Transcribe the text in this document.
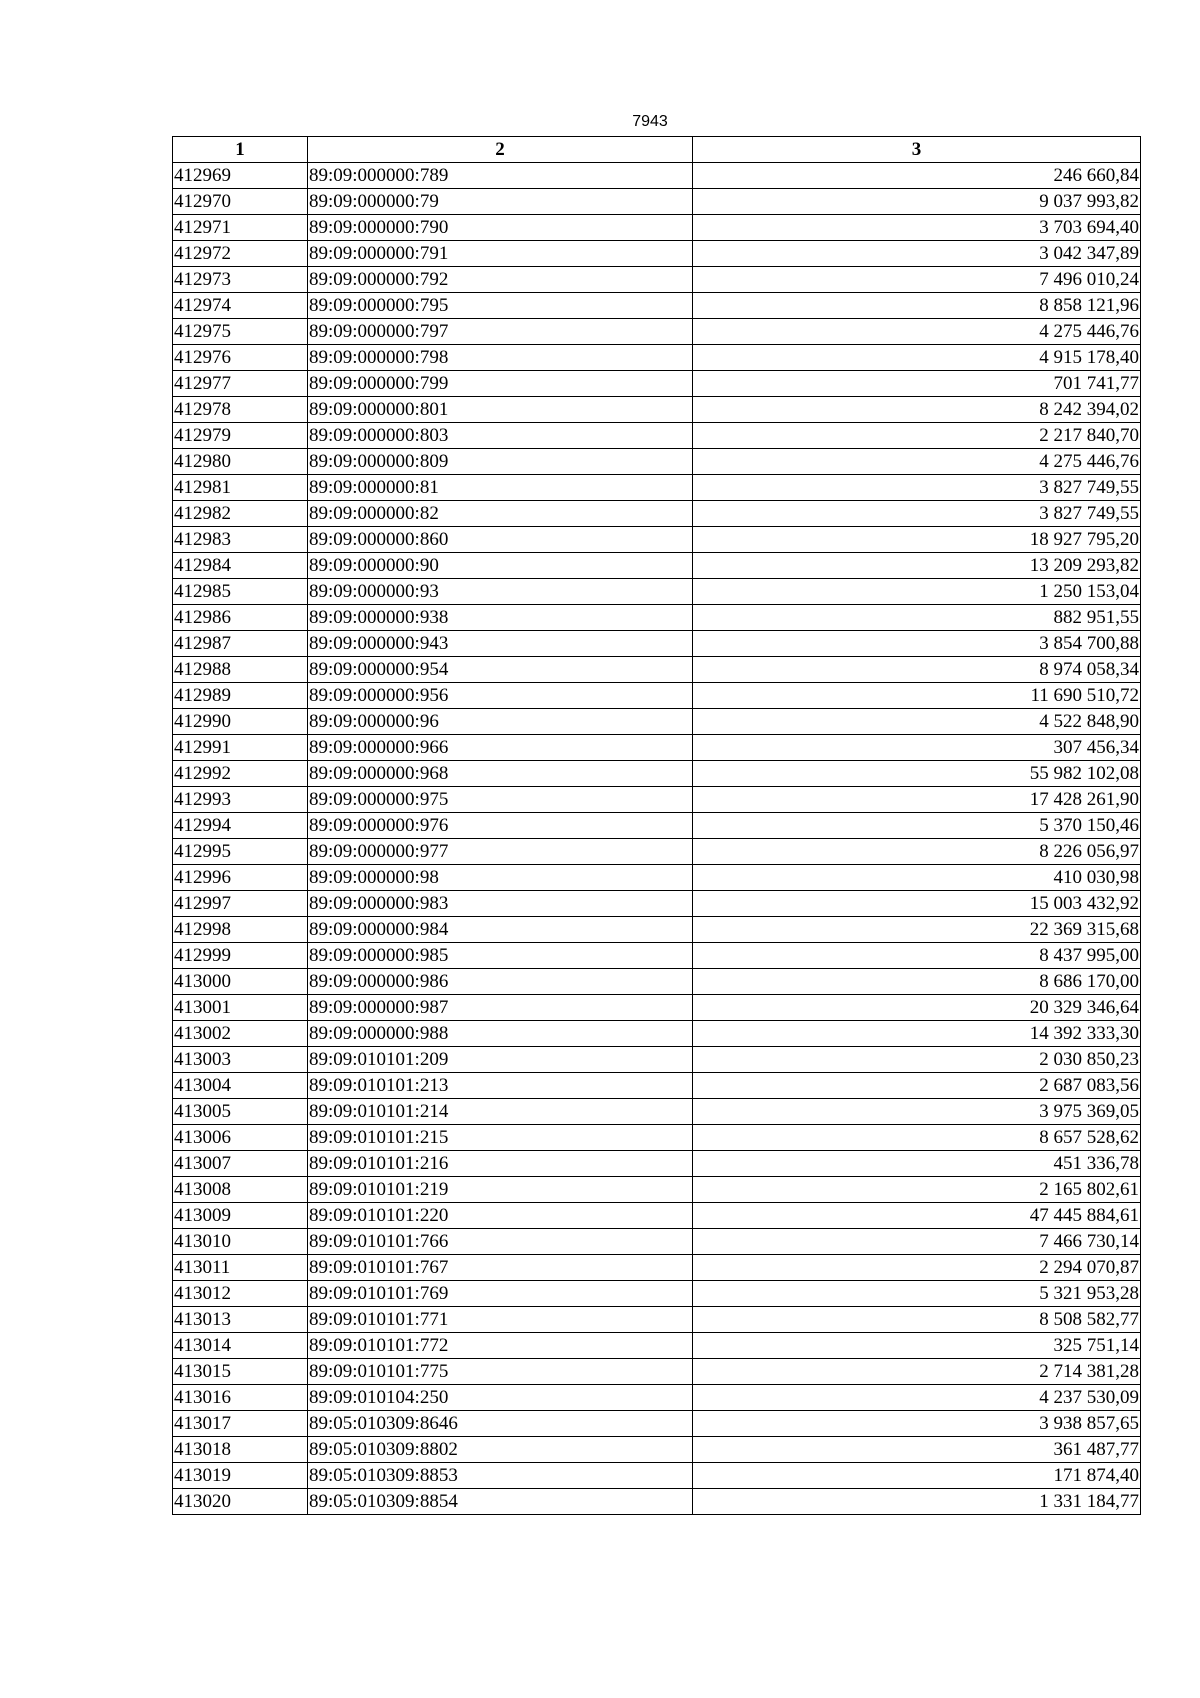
7943
1	2	3
412969	89:09:000000:789	246 660,84
412970	89:09:000000:79	9 037 993,82
412971	89:09:000000:790	3 703 694,40
412972	89:09:000000:791	3 042 347,89
412973	89:09:000000:792	7 496 010,24
412974	89:09:000000:795	8 858 121,96
412975	89:09:000000:797	4 275 446,76
412976	89:09:000000:798	4 915 178,40
412977	89:09:000000:799	701 741,77
412978	89:09:000000:801	8 242 394,02
412979	89:09:000000:803	2 217 840,70
412980	89:09:000000:809	4 275 446,76
412981	89:09:000000:81	3 827 749,55
412982	89:09:000000:82	3 827 749,55
412983	89:09:000000:860	18 927 795,20
412984	89:09:000000:90	13 209 293,82
412985	89:09:000000:93	1 250 153,04
412986	89:09:000000:938	882 951,55
412987	89:09:000000:943	3 854 700,88
412988	89:09:000000:954	8 974 058,34
412989	89:09:000000:956	11 690 510,72
412990	89:09:000000:96	4 522 848,90
412991	89:09:000000:966	307 456,34
412992	89:09:000000:968	55 982 102,08
412993	89:09:000000:975	17 428 261,90
412994	89:09:000000:976	5 370 150,46
412995	89:09:000000:977	8 226 056,97
412996	89:09:000000:98	410 030,98
412997	89:09:000000:983	15 003 432,92
412998	89:09:000000:984	22 369 315,68
412999	89:09:000000:985	8 437 995,00
413000	89:09:000000:986	8 686 170,00
413001	89:09:000000:987	20 329 346,64
413002	89:09:000000:988	14 392 333,30
413003	89:09:010101:209	2 030 850,23
413004	89:09:010101:213	2 687 083,56
413005	89:09:010101:214	3 975 369,05
413006	89:09:010101:215	8 657 528,62
413007	89:09:010101:216	451 336,78
413008	89:09:010101:219	2 165 802,61
413009	89:09:010101:220	47 445 884,61
413010	89:09:010101:766	7 466 730,14
413011	89:09:010101:767	2 294 070,87
413012	89:09:010101:769	5 321 953,28
413013	89:09:010101:771	8 508 582,77
413014	89:09:010101:772	325 751,14
413015	89:09:010101:775	2 714 381,28
413016	89:09:010104:250	4 237 530,09
413017	89:05:010309:8646	3 938 857,65
413018	89:05:010309:8802	361 487,77
413019	89:05:010309:8853	171 874,40
413020	89:05:010309:8854	1 331 184,77
